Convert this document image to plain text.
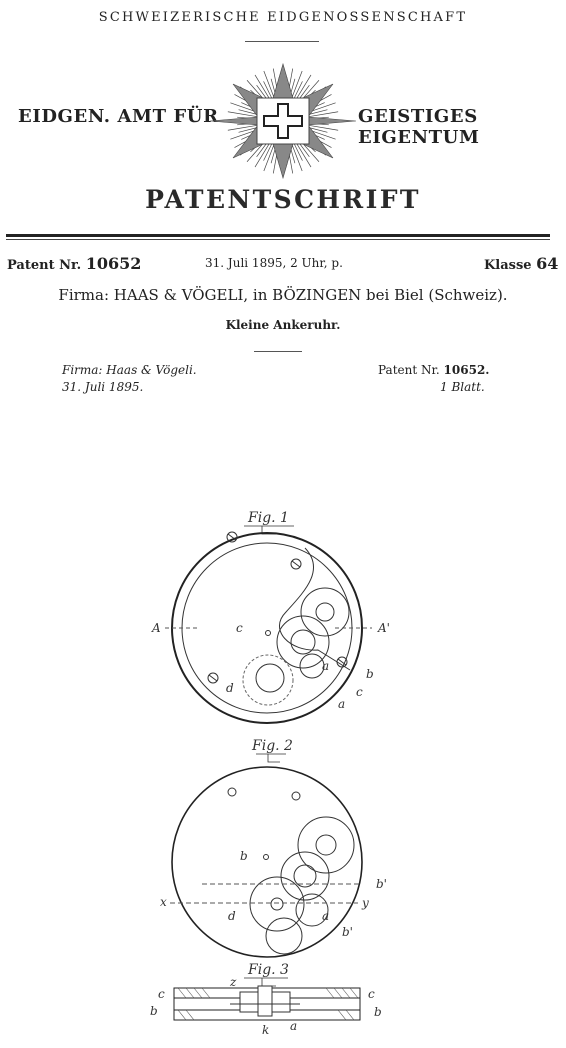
SCHWEIZERISCHE EIDGENOSSENSCHAFT
EIDGEN. AMT FÜR	GEISTIGES EIGENTUM
PATENTSCHRIFT
Patent Nr. 10652	31. Juli 1895, 2 Uhr, p.	Klasse 64
Firma: HAAS & VÖGELI, in BÖZINGEN bei Biel (Schweiz).
Kleine Ankeruhr.
Firma: Haas & Vögeli.
31. Juli 1895.
Patent Nr. 10652.
1 Blatt.
Fig. 1
A	A'
c
a
b
c
a
d
Fig. 2
b
b'
x	y
d	a
b'
Fig. 3
z
c
b
c
b
a
k
